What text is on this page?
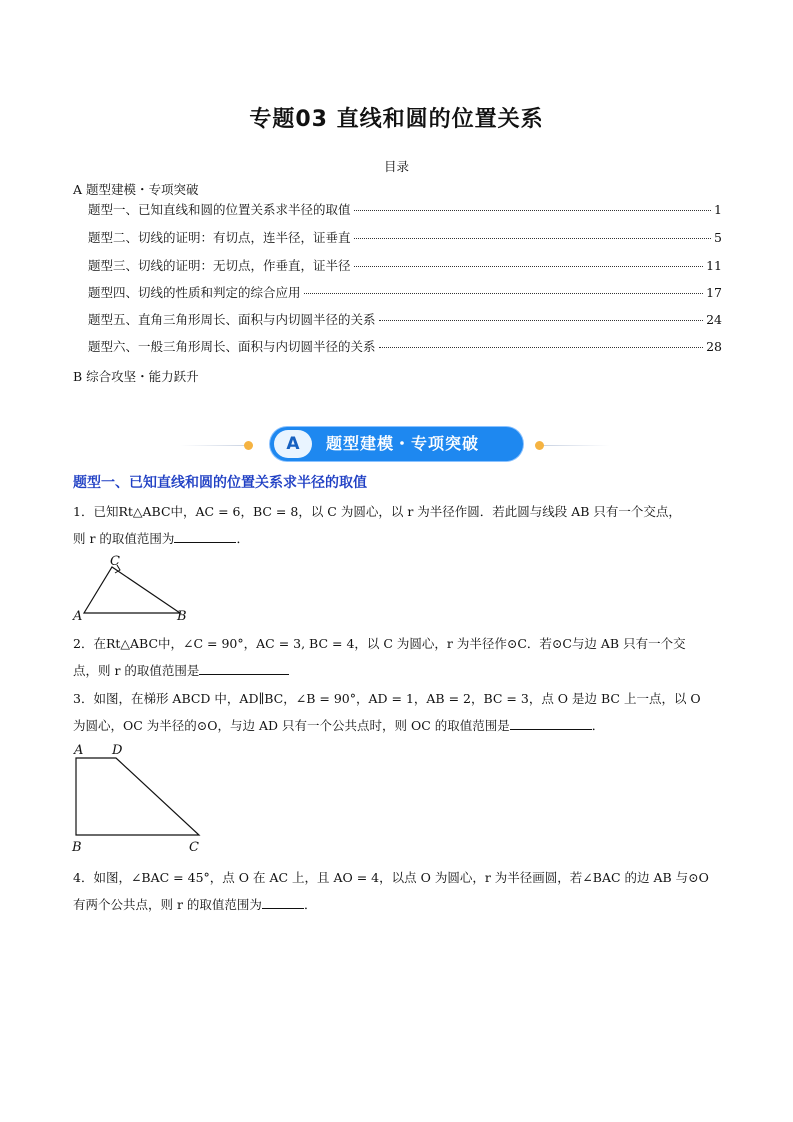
专题03 直线和圆的位置关系
目录
A 题型建模・专项突破
题型一、已知直线和圆的位置关系求半径的取值	1
题型二、切线的证明：有切点，连半径，证垂直	5
题型三、切线的证明：无切点，作垂直，证半径	11
题型四、切线的性质和判定的综合应用	17
题型五、直角三角形周长、面积与内切圆半径的关系	24
题型六、一般三角形周长、面积与内切圆半径的关系	28
B 综合攻坚・能力跃升
A	题型建模・专项突破
题型一、已知直线和圆的位置关系求半径的取值
1．已知Rt△ABC中，AC = 6，BC = 8，以 C 为圆心，以 r 为半径作圆．若此圆与线段 AB 只有一个交点，
则 r 的取值范围为	．
A	B
C
2．在Rt△ABC中，∠C = 90°，AC = 3, BC = 4，以 C 为圆心，r 为半径作⊙C．若⊙C与边 AB 只有一个交
点，则 r 的取值范围是
3．如图，在梯形 ABCD 中，AD∥BC，∠B = 90°，AD = 1，AB = 2，BC = 3，点 O 是边 BC 上一点，以 O
为圆心，OC 为半径的⊙O，与边 AD 只有一个公共点时，则 OC 的取值范围是	．
A D
B	C
4．如图，∠BAC = 45°，点 O 在 AC 上，且 AO = 4，以点 O 为圆心，r 为半径画圆，若∠BAC 的边 AB 与⊙O
有两个公共点，则 r 的取值范围为	．
